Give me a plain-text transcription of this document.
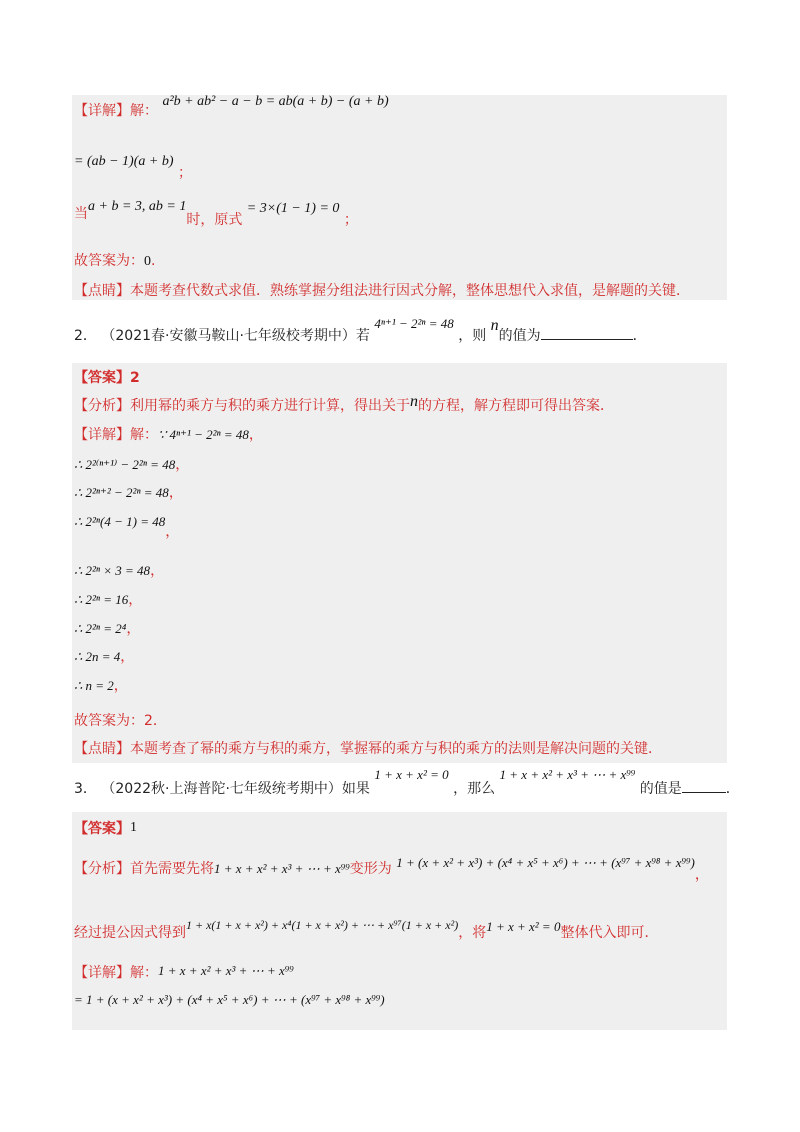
【详解】解： a²b + ab² − a − b = ab(a + b) − (a + b)
= (ab − 1)(a + b) ；
当a + b = 3, ab = 1时，原式 = 3×(1 − 1) = 0 ；
故答案为：0.
【点睛】本题考查代数式求值．熟练掌握分组法进行因式分解，整体思想代入求值，是解题的关键．
2． （2021春·安徽马鞍山·七年级校考期中）若 4ⁿ⁺¹ − 2²ⁿ = 48 ，则 n的值为	．
【答案】2
【分析】利用幂的乘方与积的乘方进行计算，得出关于n的方程，解方程即可得出答案．
【详解】解：∵ 4ⁿ⁺¹ − 2²ⁿ = 48，
∴ 2²⁽ⁿ⁺¹⁾ − 2²ⁿ = 48，
∴ 2²ⁿ⁺² − 2²ⁿ = 48，
∴ 2²ⁿ(4 − 1) = 48，
∴ 2²ⁿ × 3 = 48，
∴ 2²ⁿ = 16，
∴ 2²ⁿ = 2⁴，
∴ 2n = 4，
∴ n = 2，
故答案为：2．
【点睛】本题考查了幂的乘方与积的乘方，掌握幂的乘方与积的乘方的法则是解决问题的关键．
3． （2022秋·上海普陀·七年级统考期中）如果 1 + x + x² = 0 ，那么 1 + x + x² + x³ + ⋯ + x⁹⁹ 的值是	．
【答案】1
【分析】首先需要先将1 + x + x² + x³ + ⋯ + x⁹⁹变形为 1 + (x + x² + x³) + (x⁴ + x⁵ + x⁶) + ⋯ + (x⁹⁷ + x⁹⁸ + x⁹⁹)，
经过提公因式得到1 + x(1 + x + x²) + x⁴(1 + x + x²) + ⋯ + x⁹⁷(1 + x + x²)，将1 + x + x² = 0整体代入即可．
【详解】解：1 + x + x² + x³ + ⋯ + x⁹⁹
= 1 + (x + x² + x³) + (x⁴ + x⁵ + x⁶) + ⋯ + (x⁹⁷ + x⁹⁸ + x⁹⁹)
